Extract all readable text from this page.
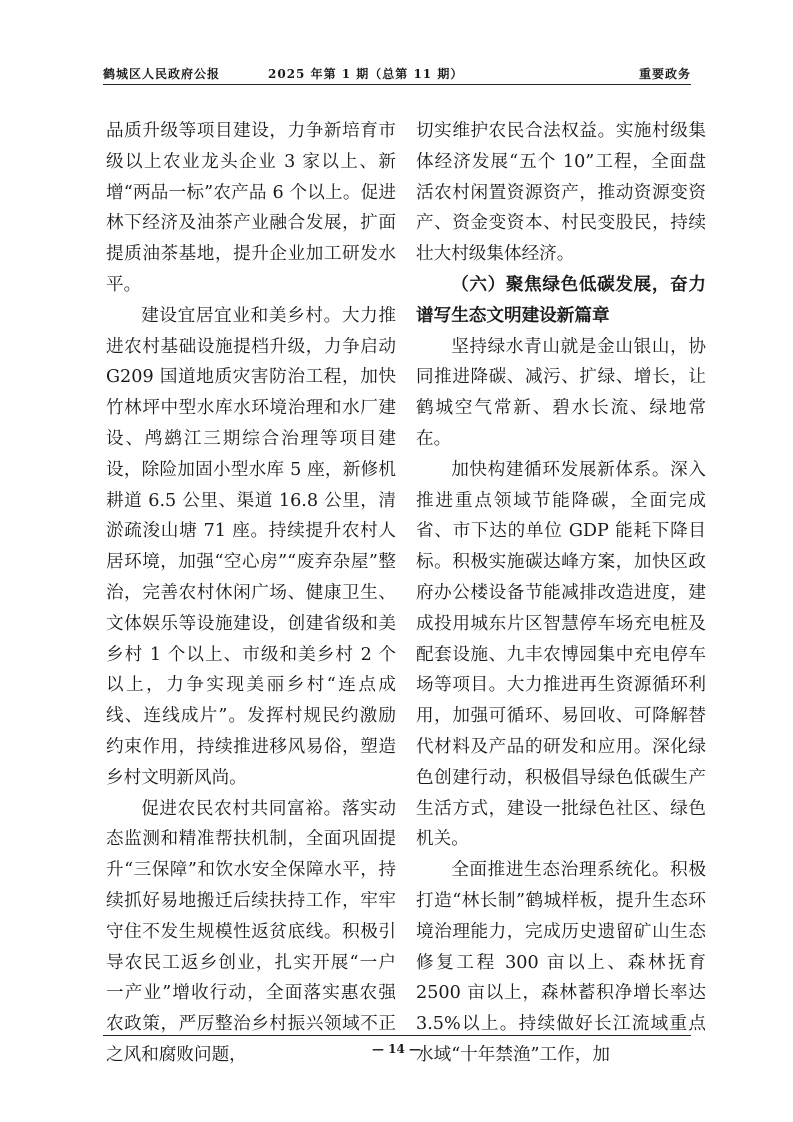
鹤城区人民政府公报	2025 年第 1 期（总第 11 期）	重要政务

品质升级等项目建设，力争新培育市级以上农业龙头企业 3 家以上、新增“两品一标”农产品 6 个以上。促进林下经济及油茶产业融合发展，扩面提质油茶基地，提升企业加工研发水平。

建设宜居宜业和美乡村。大力推进农村基础设施提档升级，力争启动 G209 国道地质灾害防治工程，加快竹林坪中型水库水环境治理和水厂建设、鸬鹚江三期综合治理等项目建设，除险加固小型水库 5 座，新修机耕道 6.5 公里、渠道 16.8 公里，清淤疏浚山塘 71 座。持续提升农村人居环境，加强“空心房”“废弃杂屋”整治，完善农村休闲广场、健康卫生、文体娱乐等设施建设，创建省级和美乡村 1 个以上、市级和美乡村 2 个以上，力争实现美丽乡村“连点成线、连线成片”。发挥村规民约激励约束作用，持续推进移风易俗，塑造乡村文明新风尚。

促进农民农村共同富裕。落实动态监测和精准帮扶机制，全面巩固提升“三保障”和饮水安全保障水平，持续抓好易地搬迁后续扶持工作，牢牢守住不发生规模性返贫底线。积极引导农民工返乡创业，扎实开展“一户一产业”增收行动，全面落实惠农强农政策，严厉整治乡村振兴领域不正之风和腐败问题，

切实维护农民合法权益。实施村级集体经济发展“五个 10”工程，全面盘活农村闲置资源资产，推动资源变资产、资金变资本、村民变股民，持续壮大村级集体经济。

（六）聚焦绿色低碳发展，奋力谱写生态文明建设新篇章

坚持绿水青山就是金山银山，协同推进降碳、减污、扩绿、增长，让鹤城空气常新、碧水长流、绿地常在。

加快构建循环发展新体系。深入推进重点领域节能降碳，全面完成省、市下达的单位 GDP 能耗下降目标。积极实施碳达峰方案，加快区政府办公楼设备节能减排改造进度，建成投用城东片区智慧停车场充电桩及配套设施、九丰农博园集中充电停车场等项目。大力推进再生资源循环利用，加强可循环、易回收、可降解替代材料及产品的研发和应用。深化绿色创建行动，积极倡导绿色低碳生产生活方式，建设一批绿色社区、绿色机关。

全面推进生态治理系统化。积极打造“林长制”鹤城样板，提升生态环境治理能力，完成历史遗留矿山生态修复工程 300 亩以上、森林抚育 2500 亩以上，森林蓄积净增长率达 3.5%以上。持续做好长江流域重点水域“十年禁渔”工作，加

— 14 —
